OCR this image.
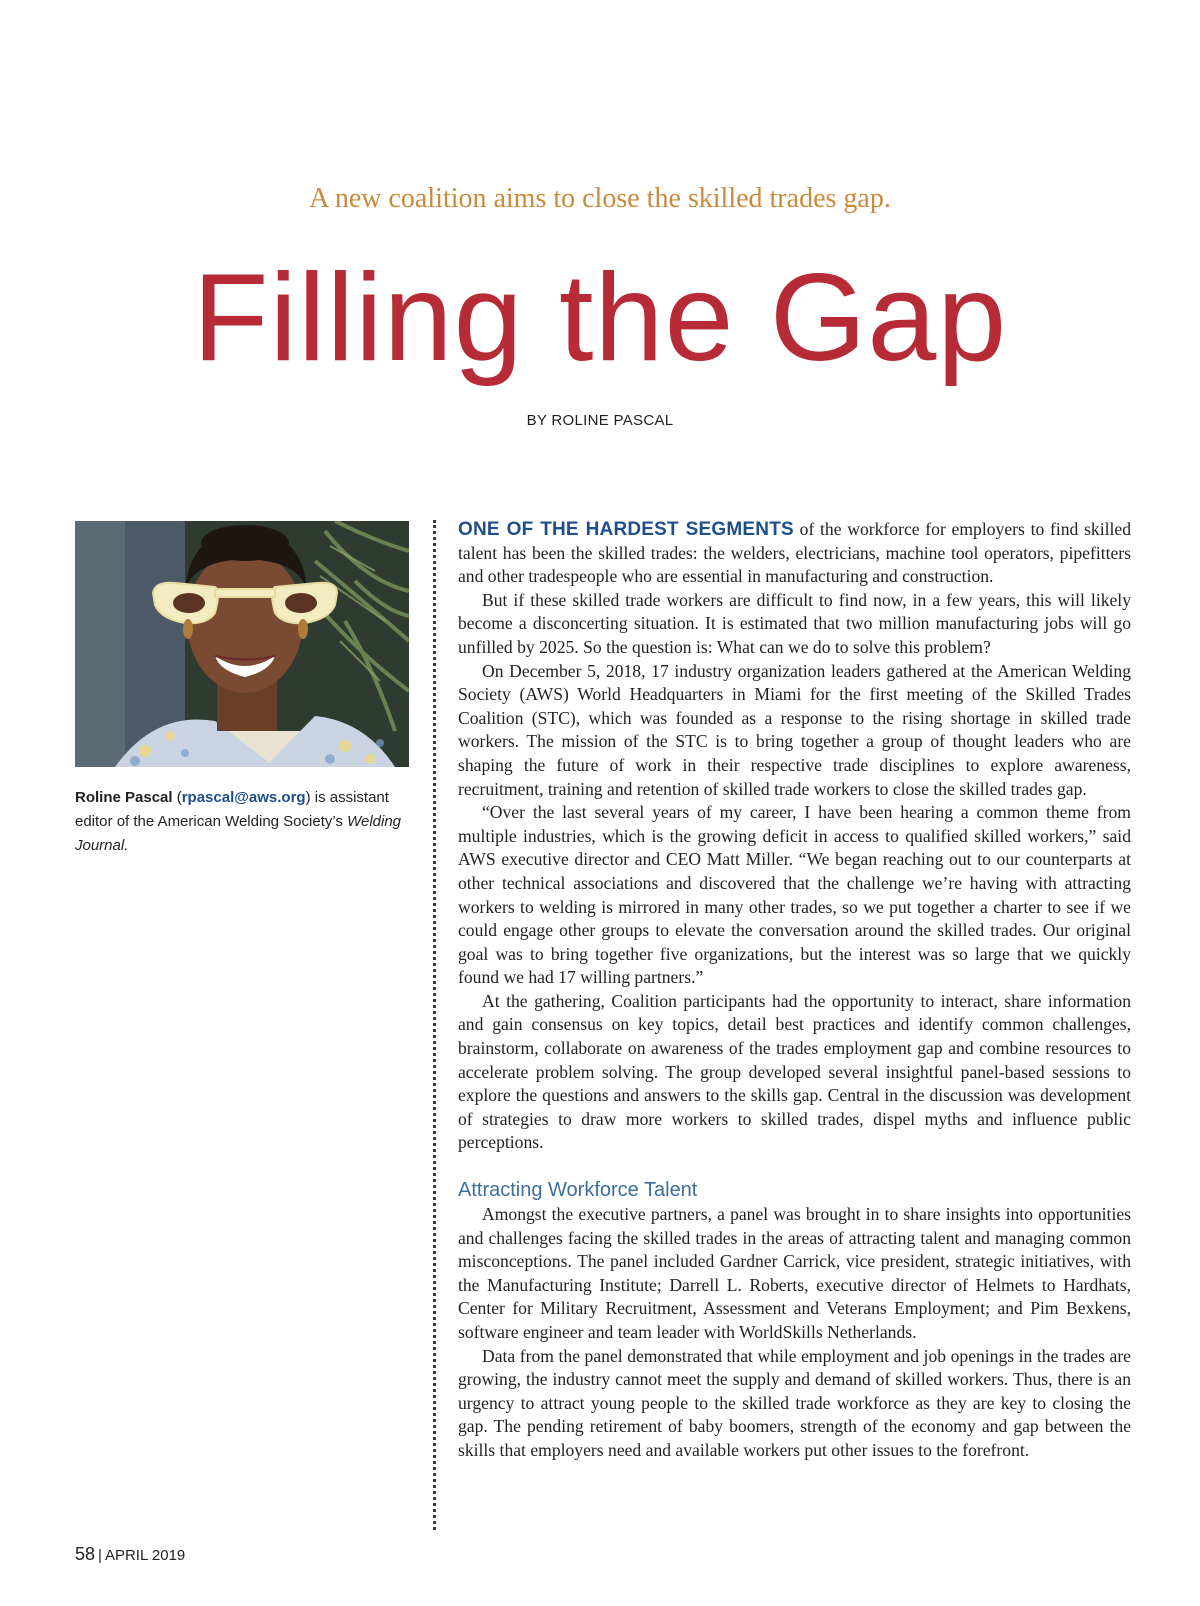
A new coalition aims to close the skilled trades gap.
Filling the Gap
BY ROLINE PASCAL
Roline Pascal (rpascal@aws.org) is assistant editor of the American Welding Society’s Welding Journal.

ONE OF THE HARDEST SEGMENTS of the workforce for employers to find skilled talent has been the skilled trades: the welders, electricians, machine tool operators, pipefitters and other tradespeople who are essential in manufacturing and construction.

But if these skilled trade workers are difficult to find now, in a few years, this will likely become a disconcerting situation. It is estimated that two million manufacturing jobs will go unfilled by 2025. So the question is: What can we do to solve this problem?

On December 5, 2018, 17 industry organization leaders gathered at the American Welding Society (AWS) World Headquarters in Miami for the first meeting of the Skilled Trades Coalition (STC), which was founded as a response to the rising shortage in skilled trade workers. The mission of the STC is to bring together a group of thought leaders who are shaping the future of work in their respective trade disciplines to explore awareness, recruitment, training and retention of skilled trade workers to close the skilled trades gap.

“Over the last several years of my career, I have been hearing a common theme from multiple industries, which is the growing deficit in access to qualified skilled workers,” said AWS executive director and CEO Matt Miller. “We began reaching out to our counterparts at other technical associations and discovered that the challenge we’re having with attracting workers to welding is mirrored in many other trades, so we put together a charter to see if we could engage other groups to elevate the conversation around the skilled trades. Our original goal was to bring together five organizations, but the interest was so large that we quickly found we had 17 willing partners.”

At the gathering, Coalition participants had the opportunity to interact, share information and gain consensus on key topics, detail best practices and identify common challenges, brainstorm, collaborate on awareness of the trades employment gap and combine resources to accelerate problem solving. The group developed several insightful panel-based sessions to explore the questions and answers to the skills gap. Central in the discussion was development of strategies to draw more workers to skilled trades, dispel myths and influence public perceptions.

Attracting Workforce Talent

Amongst the executive partners, a panel was brought in to share insights into opportunities and challenges facing the skilled trades in the areas of attracting talent and managing common misconceptions. The panel included Gardner Carrick, vice president, strategic initiatives, with the Manufacturing Institute; Darrell L. Roberts, executive director of Helmets to Hardhats, Center for Military Recruitment, Assessment and Veterans Employment; and Pim Bexkens, software engineer and team leader with WorldSkills Netherlands.

Data from the panel demonstrated that while employment and job openings in the trades are growing, the industry cannot meet the supply and demand of skilled workers. Thus, there is an urgency to attract young people to the skilled trade workforce as they are key to closing the gap. The pending retirement of baby boomers, strength of the economy and gap between the skills that employers need and available workers put other issues to the forefront.

58 | APRIL 2019
